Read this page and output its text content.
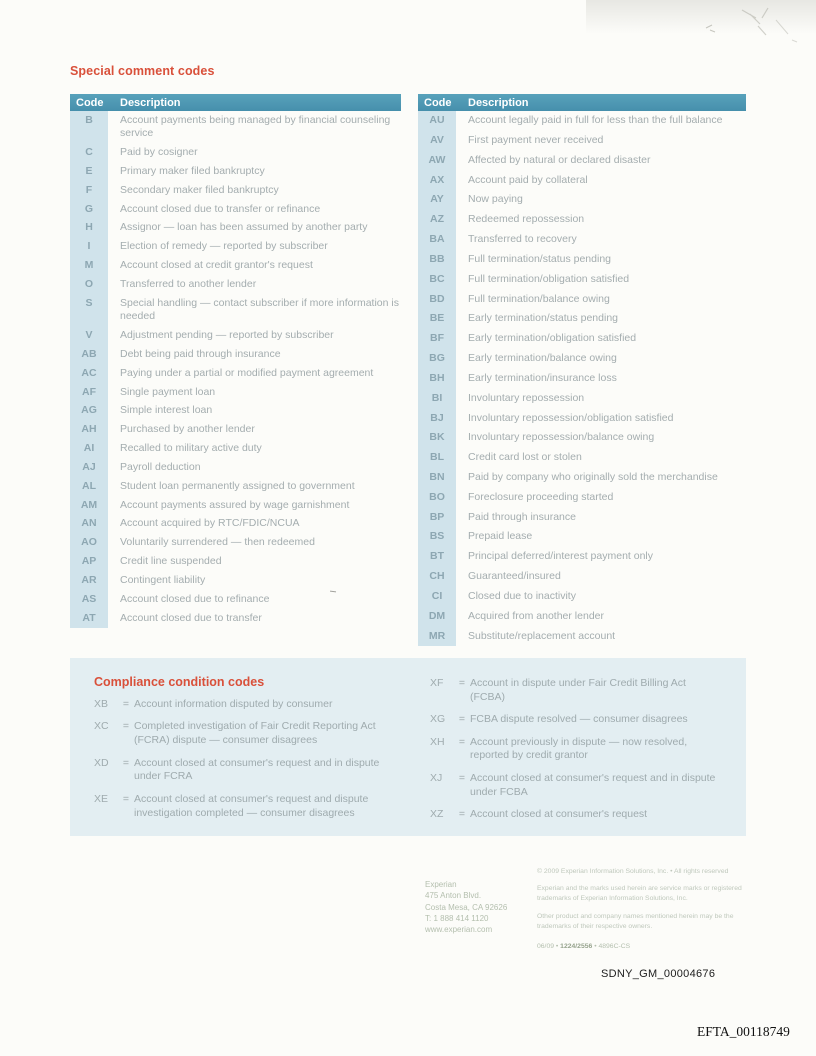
Special comment codes
Code	Description
B	Account payments being managed by financial counseling service
C	Paid by cosigner
E	Primary maker filed bankruptcy
F	Secondary maker filed bankruptcy
G	Account closed due to transfer or refinance
H	Assignor — loan has been assumed by another party
I	Election of remedy — reported by subscriber
M	Account closed at credit grantor's request
O	Transferred to another lender
S	Special handling — contact subscriber if more information is needed
V	Adjustment pending — reported by subscriber
AB	Debt being paid through insurance
AC	Paying under a partial or modified payment agreement
AF	Single payment loan
AG	Simple interest loan
AH	Purchased by another lender
AI	Recalled to military active duty
AJ	Payroll deduction
AL	Student loan permanently assigned to government
AM	Account payments assured by wage garnishment
AN	Account acquired by RTC/FDIC/NCUA
AO	Voluntarily surrendered — then redeemed
AP	Credit line suspended
AR	Contingent liability
AS	Account closed due to refinance
AT	Account closed due to transfer
Code	Description
AU	Account legally paid in full for less than the full balance
AV	First payment never received
AW	Affected by natural or declared disaster
AX	Account paid by collateral
AY	Now paying
AZ	Redeemed repossession
BA	Transferred to recovery
BB	Full termination/status pending
BC	Full termination/obligation satisfied
BD	Full termination/balance owing
BE	Early termination/status pending
BF	Early termination/obligation satisfied
BG	Early termination/balance owing
BH	Early termination/insurance loss
BI	Involuntary repossession
BJ	Involuntary repossession/obligation satisfied
BK	Involuntary repossession/balance owing
BL	Credit card lost or stolen
BN	Paid by company who originally sold the merchandise
BO	Foreclosure proceeding started
BP	Paid through insurance
BS	Prepaid lease
BT	Principal deferred/interest payment only
CH	Guaranteed/insured
CI	Closed due to inactivity
DM	Acquired from another lender
MR	Substitute/replacement account

Compliance condition codes

XB	= Account information disputed by consumer
XC	= Completed investigation of Fair Credit Reporting Act (FCRA) dispute — consumer disagrees
XD	= Account closed at consumer's request and in dispute under FCRA
XE	= Account closed at consumer's request and dispute investigation completed — consumer disagrees
XF	= Account in dispute under Fair Credit Billing Act (FCBA)
XG	= FCBA dispute resolved — consumer disagrees
XH	= Account previously in dispute — now resolved, reported by credit grantor
XJ	= Account closed at consumer's request and in dispute under FCBA
XZ	= Account closed at consumer's request
Experian
475 Anton Blvd.
Costa Mesa, CA 92626
T: 1 888 414 1120
www.experian.com

© 2009 Experian Information Solutions, Inc. • All rights reserved

Experian and the marks used herein are service marks or registered trademarks of Experian Information Solutions, Inc.

Other product and company names mentioned herein may be the trademarks of their respective owners.

06/09 • 1224/2556 • 4896C-CS
SDNY_GM_00004676
EFTA_00118749
